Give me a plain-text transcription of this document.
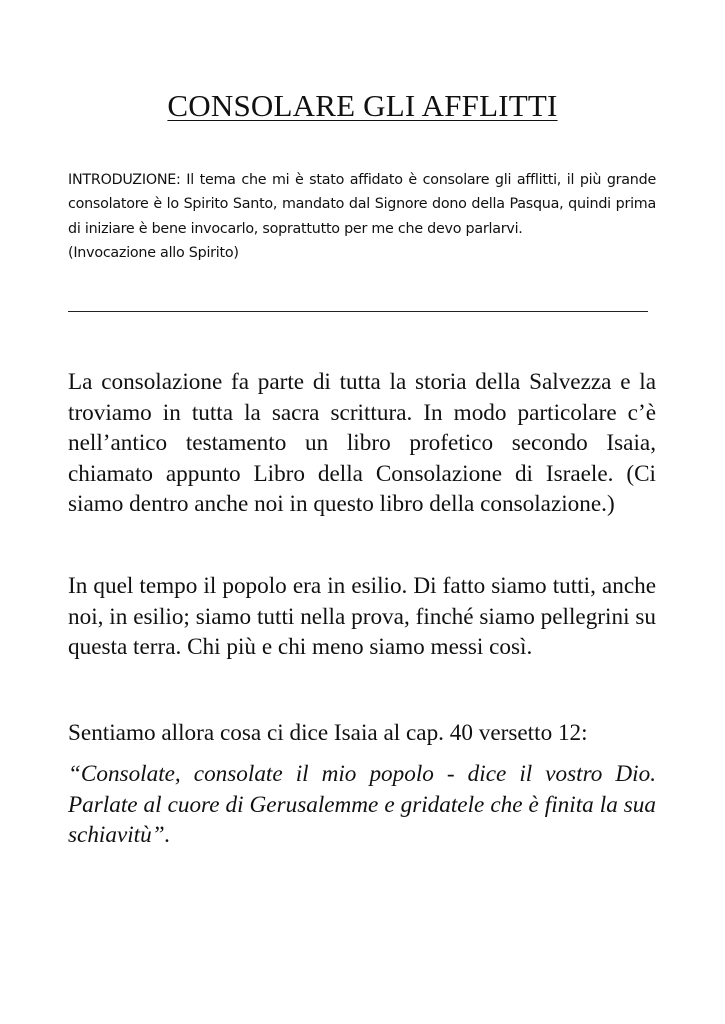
CONSOLARE GLI AFFLITTI

INTRODUZIONE: Il tema che mi è stato affidato è consolare gli afflitti, il più grande consolatore è lo Spirito Santo, mandato dal Signore dono della Pasqua, quindi prima di iniziare è bene invocarlo, soprattutto per me che devo parlarvi.

(Invocazione allo Spirito)

La consolazione fa parte di tutta la storia della Salvezza e la troviamo in tutta la sacra scrittura. In modo particolare c’è nell’antico testamento un libro profetico secondo Isaia, chiamato appunto Libro della Consolazione di Israele. (Ci siamo dentro anche noi in questo libro della consolazione.)

In quel tempo il popolo era in esilio. Di fatto siamo tutti, anche noi, in esilio; siamo tutti nella prova, finché siamo pellegrini su questa terra. Chi più e chi meno siamo messi così.

Sentiamo allora cosa ci dice Isaia al cap. 40 versetto 12:

“Consolate, consolate il mio popolo - dice il vostro Dio. Parlate al cuore di Gerusalemme e gridatele che è finita la sua schiavitù”.
